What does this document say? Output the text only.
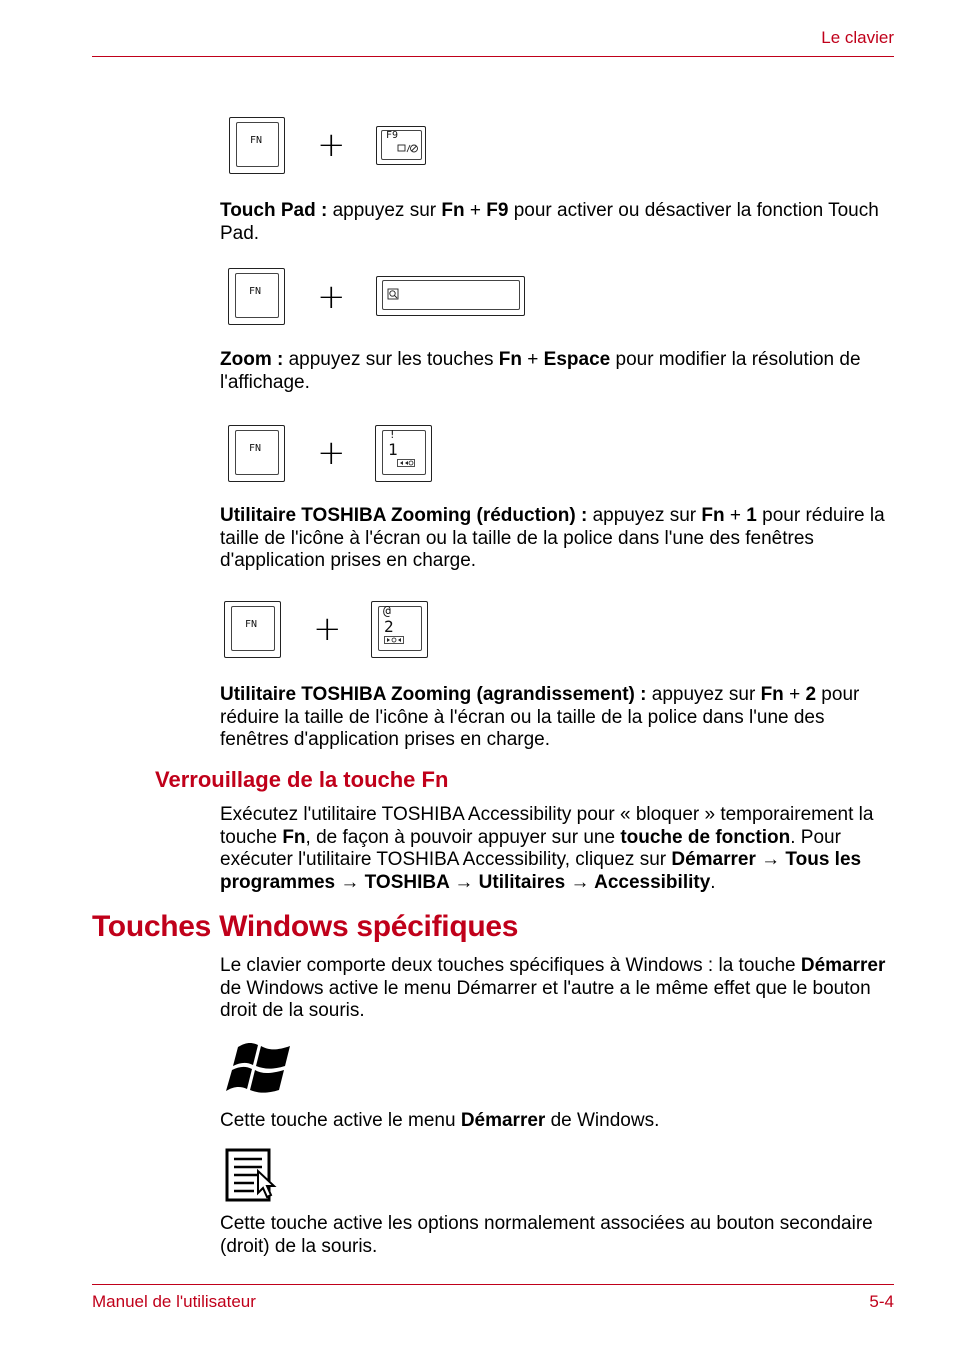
Le clavier
FN +	F9

Touch Pad : appuyez sur Fn + F9 pour activer ou désactiver la fonction Touch Pad.

FN +

Zoom : appuyez sur les touches Fn + Espace pour modifier la résolution de l'affichage.

FN +	!
1

Utilitaire TOSHIBA Zooming (réduction) : appuyez sur Fn + 1 pour réduire la taille de l'icône à l'écran ou la taille de la police dans l'une des fenêtres d'application prises en charge.

FN +	@
2

Utilitaire TOSHIBA Zooming (agrandissement) : appuyez sur Fn + 2 pour réduire la taille de l'icône à l'écran ou la taille de la police dans l'une des fenêtres d'application prises en charge.

Verrouillage de la touche Fn

Exécutez l'utilitaire TOSHIBA Accessibility pour « bloquer » temporairement la touche Fn, de façon à pouvoir appuyer sur une touche de fonction. Pour exécuter l'utilitaire TOSHIBA Accessibility, cliquez sur Démarrer → Tous les programmes → TOSHIBA → Utilitaires → Accessibility.

Touches Windows spécifiques

Le clavier comporte deux touches spécifiques à Windows : la touche Démarrer de Windows active le menu Démarrer et l'autre a le même effet que le bouton droit de la souris.

Cette touche active le menu Démarrer de Windows.

Cette touche active les options normalement associées au bouton secondaire (droit) de la souris.

Manuel de l'utilisateur	5-4
